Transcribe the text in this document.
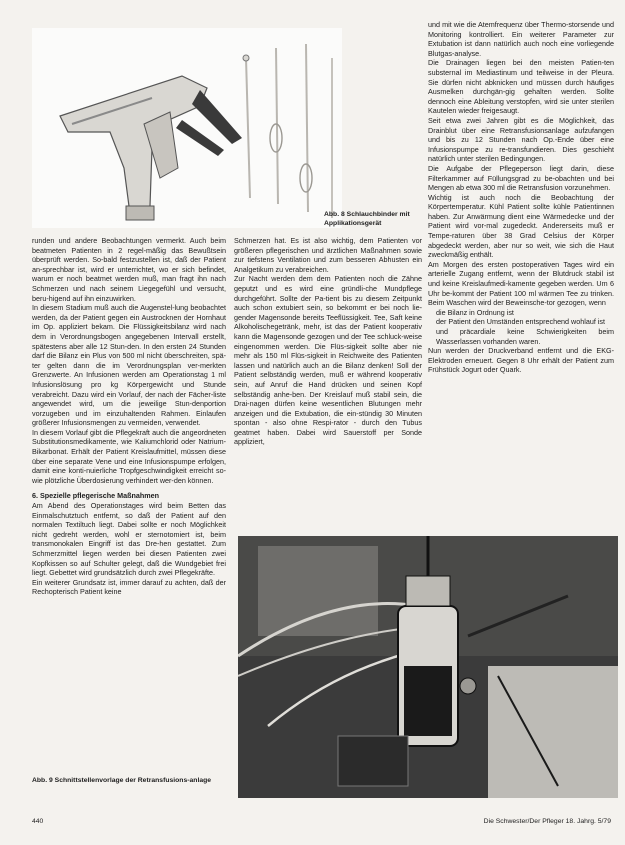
Abb. 8 Schlauchbinder mit Applikationsgerät

und mit wie die Atemfrequenz über Thermo-storsende und Monitoring kontrolliert. Ein weiterer Parameter zur Extubation ist dann natürlich auch noch eine vorliegende Blutgas-analyse.

Die Drainagen liegen bei den meisten Patien-ten substernal im Mediastinum und teilweise in der Pleura. Sie dürfen nicht abknicken und müssen durch häufiges Ausmelken durchgän-gig gehalten werden. Sollte dennoch eine Ableitung verstopfen, wird sie unter sterilen Kautelen wieder freigesaugt.

Seit etwa zwei Jahren gibt es die Möglichkeit, das Drainblut über eine Retransfusionsanlage aufzufangen und bis zu 12 Stunden nach Op.-Ende über eine Infusionspumpe zu re-transfundieren. Dies geschieht natürlich unter sterilen Bedingungen.

Die Aufgabe der Pflegeperson liegt darin, diese Filterkammer auf Füllungsgrad zu be-obachten und bei Mengen ab etwa 300 ml die Retransfusion vorzunehmen.

Wichtig ist auch noch die Beobachtung der Körpertemperatur. Kühl Patient sollte kühle Patientinnen haben. Zur Anwärmung dient eine Wärmedecke und der Patient wird vor-mal zugedeckt. Andererseits muß er Tempe-raturen über 38 Grad Celsius der Körper abgedeckt werden, aber nur so weit, wie sich die Haut zweckmäßig enthält.

Am Morgen des ersten postoperativen Tages wird ein arterielle Zugang entfernt, wenn der Blutdruck stabil ist und keine Kreislaufmedi-kamente gegeben werden. Um 6 Uhr be-kommt der Patient 100 ml wärmen Tee zu trinken. Beim Waschen wird der Beweinsche-tor gezogen, wenn

die Bilanz in Ordnung ist

der Patient den Umständen entsprechend wohlauf ist

und präcardiale keine Schwierigkeiten beim Wasserlassen vorhanden waren.

Nun werden der Druckverband entfernt und die EKG-Elektroden erneuert. Gegen 8 Uhr erhält der Patient zum Frühstück Jogurt oder Quark.

runden und andere Beobachtungen vermerkt. Auch beim beatmeten Patienten in 2 regel-mäßig das Bewußtsein überprüft werden. So-bald festzustellen ist, daß der Patient an-sprechbar ist, wird er unterrichtet, wo er sich befindet, warum er noch beatmet werden muß, man fragt ihn nach Schmerzen und nach seinem Liegegefühl und versucht, beru-higend auf ihn einzuwirken.

In diesem Stadium muß auch die Augenstel-lung beobachtet werden, da der Patient gegen ein Austrocknen der Hornhaut im Op. appliziert bekam. Die Flüssigkeitsbilanz wird nach dem in Verordnungsbogen angegebenen Intervall erstellt, spätestens aber alle 12 Stun-den. In den ersten 24 Stunden darf die Bilanz ein Plus von 500 ml nicht überschreiten, spä-ter gelten dann die im Verordnungsplan ver-merkten Grenzwerte. An Infusionen werden am Operationstag 1 ml Infusionslösung pro kg Körpergewicht und Stunde verabreicht. Dazu wird ein Vorlauf, der nach der Fächer-liste angewendet wird, um die jeweilige Stun-denportion vorzugeben und im einzuhaltenden Rahmen. Einlaufen größerer Infusionsmengen zu vermeiden, verwendet.

In diesem Vorlauf gibt die Pflegekraft auch die angeordneten Substitutionsmedikamente, wie Kaliumchlorid oder Natrium-Bikarbonat. Erhält der Patient Kreislaufmittel, müssen diese über eine separate Vene und eine Infusionspumpe erfolgen, damit eine konti-nuierliche Tropfgeschwindigkeit erreicht so-wie plötzliche Überdosierung verhindert wer-den können.

6. Spezielle pflegerische Maßnahmen

Am Abend des Operationstages wird beim Betten das Einmalschutztuch entfernt, so daß der Patient auf den normalen Textiltuch liegt. Dabei sollte er noch Möglichkeit nicht gedreht werden, wohl er sternotomiert ist, beim transmonokalen Eingriff ist das Dre-hen gestattet. Zum Schmerzmittel liegen werden bei diesen Patienten zwei Kopfkissen so auf Schulter gelegt, daß die Wundgebiet frei liegt. Gebettet wird grundsätzlich durch zwei Pflegekräfte.

Ein weiterer Grundsatz ist, immer darauf zu achten, daß der Rechopterisch Patient keine

Schmerzen hat. Es ist also wichtig, dem Patienten vor größeren pflegerischen und ärztlichen Maßnahmen sowie zur tiefstens Ventilation und zum besseren Abhusten ein Analgetikum zu verabreichen.

Zur Nacht werden dem dem Patienten noch die Zähne geputzt und es wird eine gründli-che Mundpflege durchgeführt. Sollte der Pa-tient bis zu diesem Zeitpunkt auch schon extubiert sein, so bekommt er bei noch lie-gender Magensonde bereits Teeflüssigkeit. Tee, Saft keine Alkoholischegetränk, mehr, ist das der Patient kooperativ kann die Magensonde gezogen und der Tee schluck-weise eingenommen werden. Die Flüs-sigkeit sollte aber nie mehr als 150 ml Flüs-sigkeit in Reichweite des Patienten lassen und natürlich auch an die Bilanz denken! Soll der Patient selbständig werden, muß er während kooperativ sein, auf Anruf die Hand drücken und seinen Kopf selbständig anhe-ben. Der Kreislauf muß stabil sein, die Drai-nagen dürfen keine wesentlichen Blutungen mehr anzeigen und die Extubation, die ein-stündig 30 Minuten spontan - also ohne Respi-rator - durch den Tubus geatmet haben. Dabei wird Sauerstoff per Sonde appliziert,

Abb. 9 Schnittstellenvorlage der Retransfusions-anlage
440	Die Schwester/Der Pfleger 18. Jahrg. 5/79
